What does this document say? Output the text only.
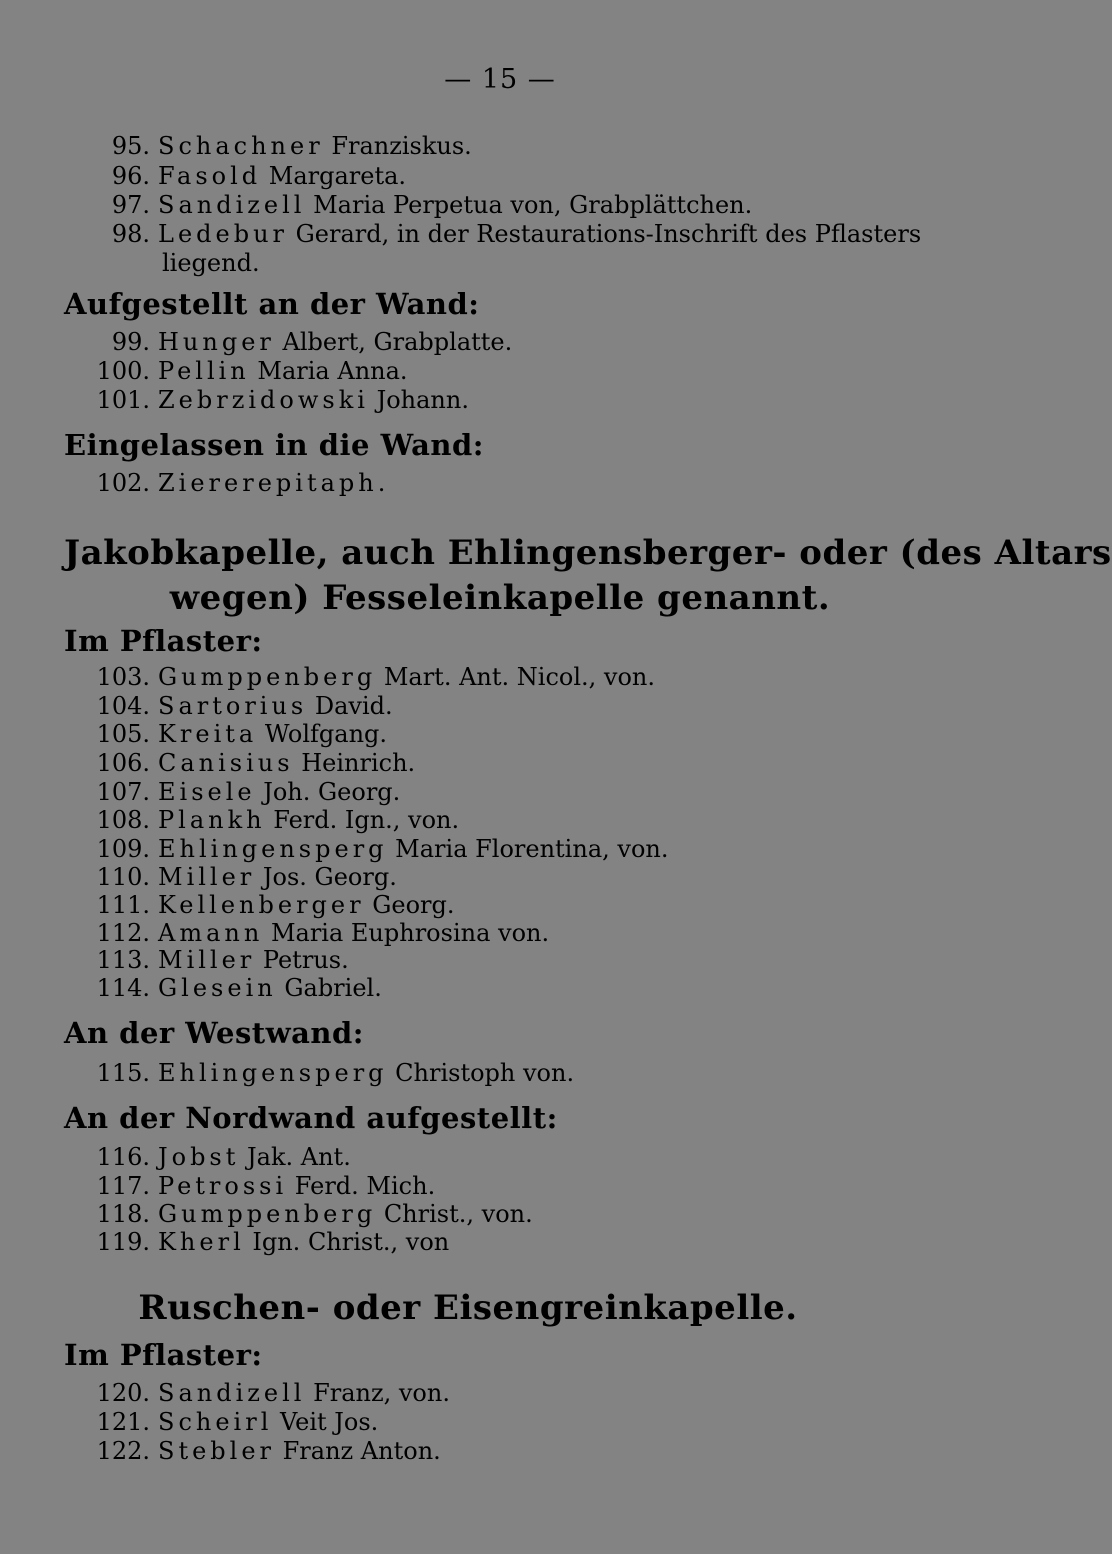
— 15 —
95. Schachner Franziskus.
96. Fasold Margareta.
97. Sandizell Maria Perpetua von, Grabplättchen.
98. Ledebur Gerard, in der Restaurations-Inschrift des Pflasters
liegend.
Aufgestellt an der Wand:
99. Hunger Albert, Grabplatte.
100. Pellin Maria Anna.
101. Zebrzidowski Johann.
Eingelassen in die Wand:
102. Ziererepitaph.
Jakobkapelle, auch Ehlingensberger- oder (des Altars
wegen) Fesseleinkapelle genannt.
Im Pflaster:
103. Gumppenberg Mart. Ant. Nicol., von.
104. Sartorius David.
105. Kreita Wolfgang.
106. Canisius Heinrich.
107. Eisele Joh. Georg.
108. Plankh Ferd. Ign., von.
109. Ehlingensperg Maria Florentina, von.
110. Miller Jos. Georg.
111. Kellenberger Georg.
112. Amann Maria Euphrosina von.
113. Miller Petrus.
114. Glesein Gabriel.
An der Westwand:
115. Ehlingensperg Christoph von.
An der Nordwand aufgestellt:
116. Jobst Jak. Ant.
117. Petrossi Ferd. Mich.
118. Gumppenberg Christ., von.
119. Kherl Ign. Christ., von
Ruschen- oder Eisengreinkapelle.
Im Pflaster:
120. Sandizell Franz, von.
121. Scheirl Veit Jos.
122. Stebler Franz Anton.
